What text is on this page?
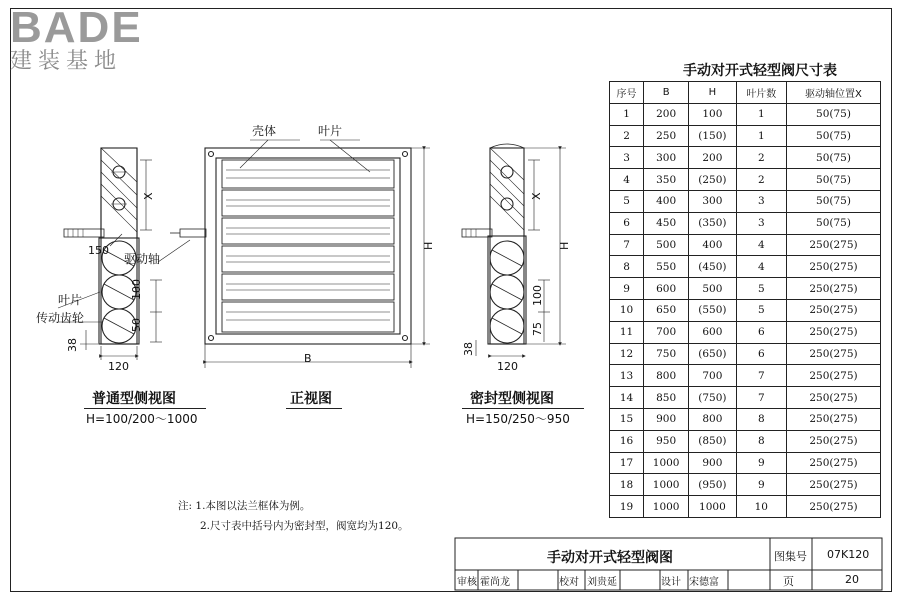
BADE
建装基地
壳体	叶片
驱动轴
叶片
传动齿轮
150
100
50
38
120
X
H
B
X
H
100
75
38
120
手动对开式轻型阀尺寸表
序号	B	H	叶片数	驱动轴位置X
1	200	100	1	50(75)
2	250	(150)	1	50(75)
3	300	200	2	50(75)
4	350	(250)	2	50(75)
5	400	300	3	50(75)
6	450	(350)	3	50(75)
7	500	400	4	250(275)
8	550	(450)	4	250(275)
9	600	500	5	250(275)
10	650	(550)	5	250(275)
11	700	600	6	250(275)
12	750	(650)	6	250(275)
13	800	700	7	250(275)
14	850	(750)	7	250(275)
15	900	800	8	250(275)
16	950	(850)	8	250(275)
17	1000	900	9	250(275)
18	1000	(950)	9	250(275)
19	1000	1000	10	250(275)
普通型侧视图
H=100/200～1000
正视图	密封型侧视图
H=150/250～950
注: 1.本图以法兰框体为例。
2.尺寸表中括号内为密封型，阀宽均为120。
手动对开式轻型阀图	图集号 07K120
审核 霍尚龙	校对 刘贵延	设计 宋德富	页	20
